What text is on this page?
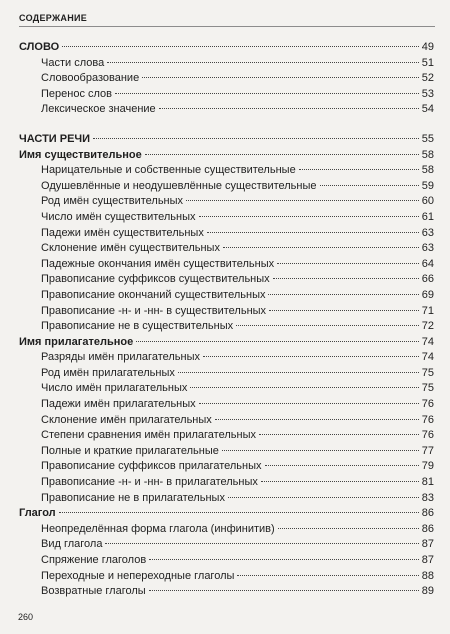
СОДЕРЖАНИЕ
СЛОВО	49
Части слова	51
Словообразование	52
Перенос слов	53
Лексическое значение	54
ЧАСТИ РЕЧИ	55
Имя существительное	58
Нарицательные и собственные существительные	58
Одушевлённые и неодушевлённые существительные	59
Род имён существительных	60
Число имён существительных	61
Падежи имён существительных	63
Склонение имён существительных	63
Падежные окончания имён существительных	64
Правописание суффиксов существительных	66
Правописание окончаний существительных	69
Правописание -н- и -нн- в существительных	71
Правописание не в существительных	72
Имя прилагательное	74
Разряды имён прилагательных	74
Род имён прилагательных	75
Число имён прилагательных	75
Падежи имён прилагательных	76
Склонение имён прилагательных	76
Степени сравнения имён прилагательных	76
Полные и краткие прилагательные	77
Правописание суффиксов прилагательных	79
Правописание -н- и -нн- в прилагательных	81
Правописание не в прилагательных	83
Глагол	86
Неопределённая форма глагола (инфинитив)	86
Вид глагола	87
Спряжение глаголов	87
Переходные и непереходные глаголы	88
Возвратные глаголы	89
260
